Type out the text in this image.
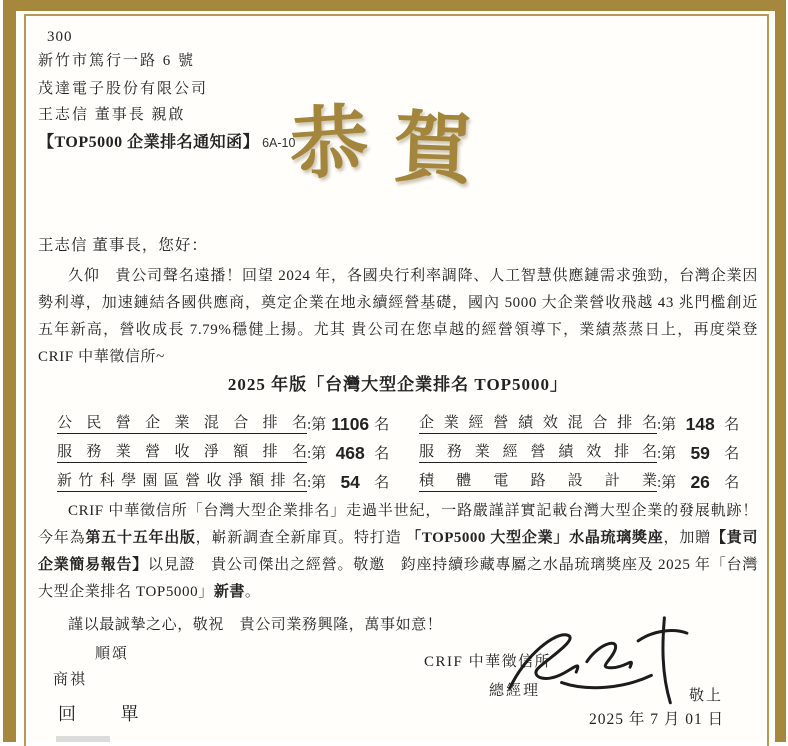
恭賀
300
新竹市篤行一路 6 號
茂達電子股份有限公司
王志信 董事長 親啟
【TOP5000 企業排名通知函】 6A-10
王志信 董事長，您好：

久仰　貴公司聲名遠播！回望 2024 年，各國央行利率調降、人工智慧供應鏈需求強勁，台灣企業因勢利導，加速鏈結各國供應商，奠定企業在地永續經營基礎，國內 5000 大企業營收飛越 43 兆門檻創近五年新高，營收成長 7.79%穩健上揚。尤其 貴公司在您卓越的經營領導下，業績蒸蒸日上，再度榮登 CRIF 中華徵信所~

2025 年版「台灣大型企業排名 TOP5000」
公民營企業混合排名:第 1106 名	企業經營績效混合排名:第 148 名
服務業營收淨額排名:第 468 名	服務業經營績效排名:第 59 名
新竹科學園區營收淨額排名:第 54 名	積體電路設計業:第 26 名

CRIF 中華徵信所「台灣大型企業排名」走過半世紀，一路嚴謹詳實記載台灣大型企業的發展軌跡！今年為第五十五年出版，嶄新調查全新扉頁。特打造 「TOP5000 大型企業」水晶琉璃獎座，加贈【貴司企業簡易報告】以見證　貴公司傑出之經營。敬邀　鈞座持續珍藏專屬之水晶琉璃獎座及 2025 年「台灣大型企業排名 TOP5000」新書。

謹以最誠摯之心，敬祝　貴公司業務興隆，萬事如意！

順頌
商祺
CRIF 中華徵信所
總經理	敬上
2025 年 7 月 01 日
回 單
